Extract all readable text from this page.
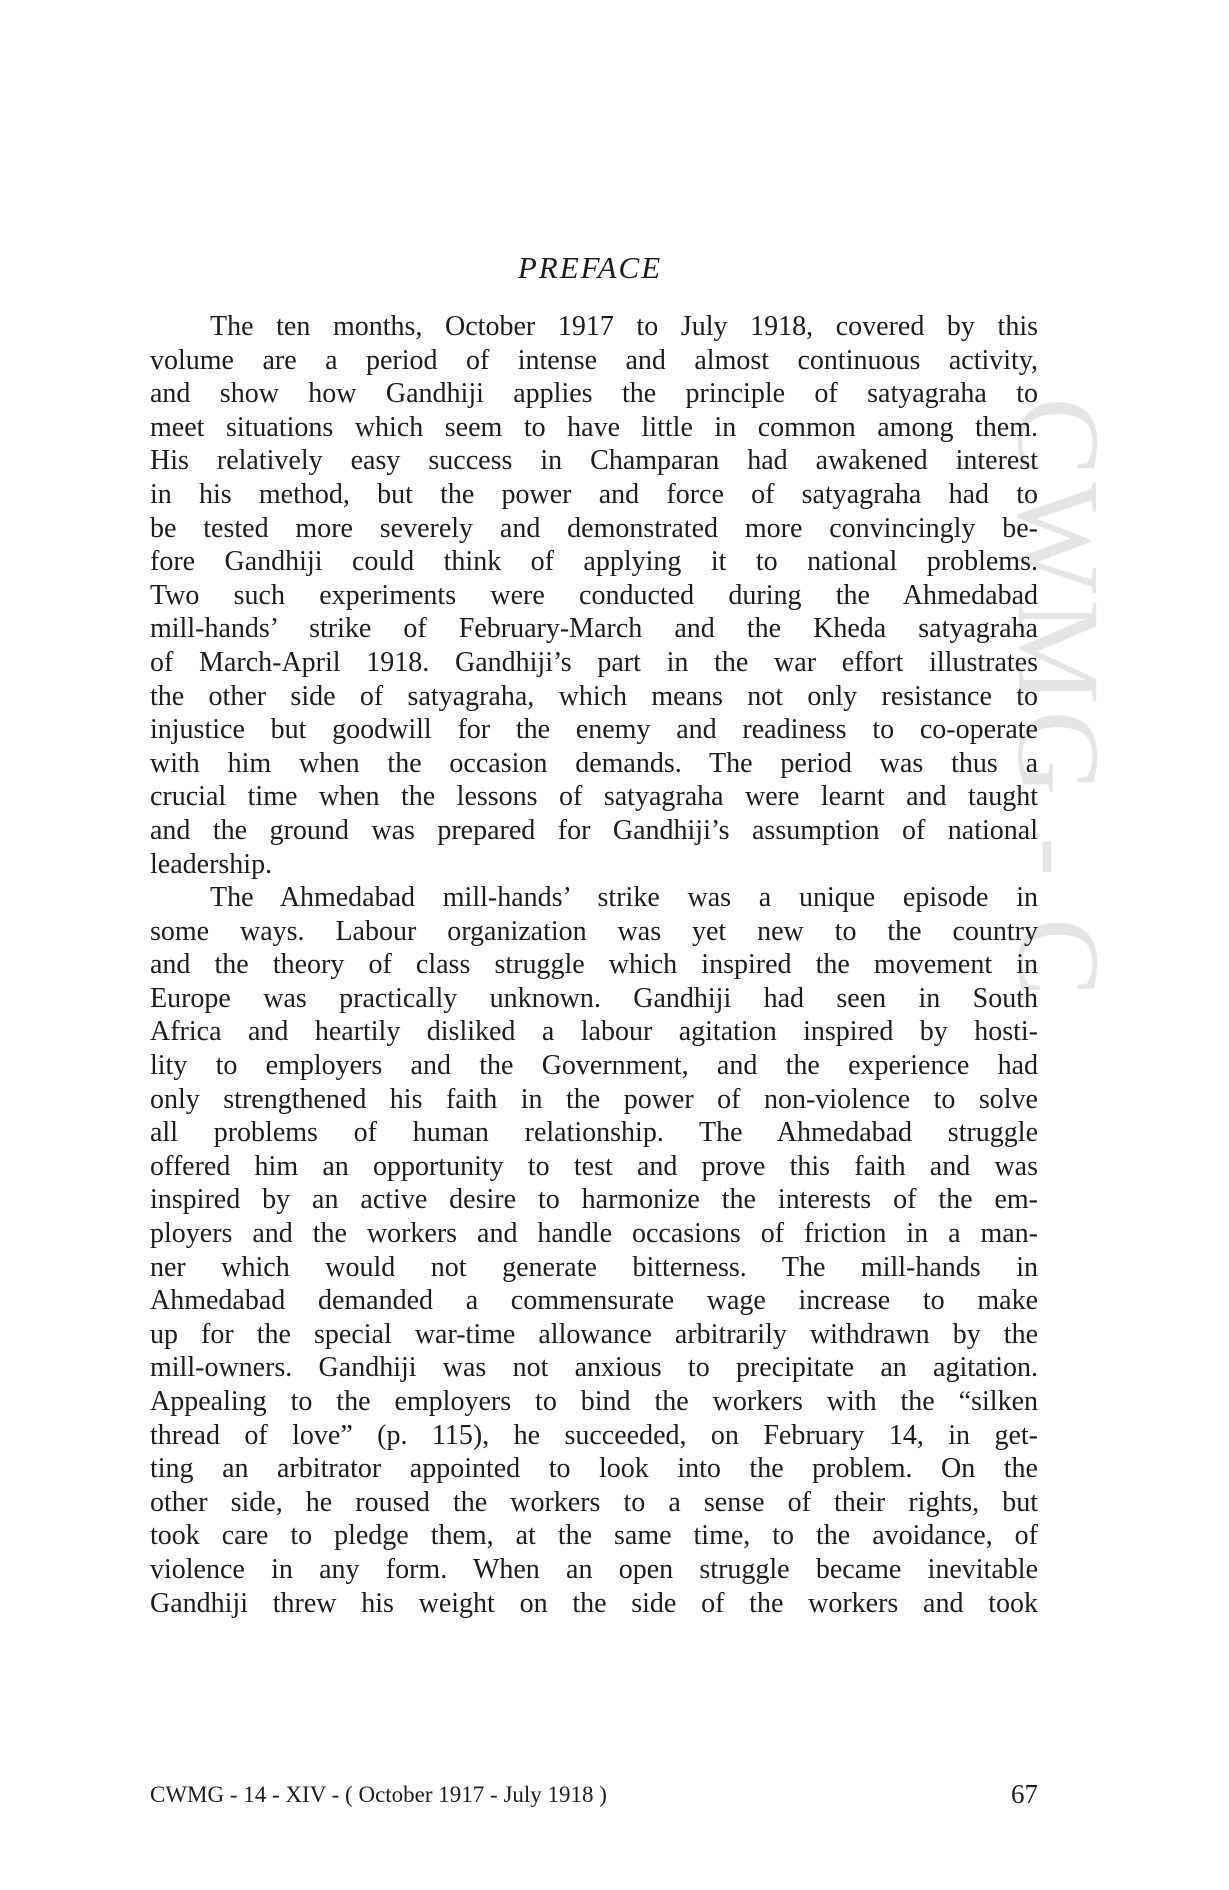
CWMG - C
PREFACE
The ten months, October 1917 to July 1918, covered by this
volume are a period of intense and almost continuous activity,
and show how Gandhiji applies the principle of satyagraha to
meet situations which seem to have little in common among them.
His relatively easy success in Champaran had awakened interest
in his method, but the power and force of satyagraha had to
be tested more severely and demonstrated more convincingly be-
fore Gandhiji could think of applying it to national problems.
Two such experiments were conducted during the Ahmedabad
mill-hands’ strike of February-March and the Kheda satyagraha
of March-April 1918. Gandhiji’s part in the war effort illustrates
the other side of satyagraha, which means not only resistance to
injustice but goodwill for the enemy and readiness to co-operate
with him when the occasion demands. The period was thus a
crucial time when the lessons of satyagraha were learnt and taught
and the ground was prepared for Gandhiji’s assumption of national
leadership.
The Ahmedabad mill-hands’ strike was a unique episode in
some ways. Labour organization was yet new to the country
and the theory of class struggle which inspired the movement in
Europe was practically unknown. Gandhiji had seen in South
Africa and heartily disliked a labour agitation inspired by hosti-
lity to employers and the Government, and the experience had
only strengthened his faith in the power of non-violence to solve
all problems of human relationship. The Ahmedabad struggle
offered him an opportunity to test and prove this faith and was
inspired by an active desire to harmonize the interests of the em-
ployers and the workers and handle occasions of friction in a man-
ner which would not generate bitterness. The mill-hands in
Ahmedabad demanded a commensurate wage increase to make
up for the special war-time allowance arbitrarily withdrawn by the
mill-owners. Gandhiji was not anxious to precipitate an agitation.
Appealing to the employers to bind the workers with the “silken
thread of love” (p. 115), he succeeded, on February 14, in get-
ting an arbitrator appointed to look into the problem. On the
other side, he roused the workers to a sense of their rights, but
took care to pledge them, at the same time, to the avoidance, of
violence in any form. When an open struggle became inevitable
Gandhiji threw his weight on the side of the workers and took
CWMG - 14 - XIV - ( October 1917 - July 1918 )	67
